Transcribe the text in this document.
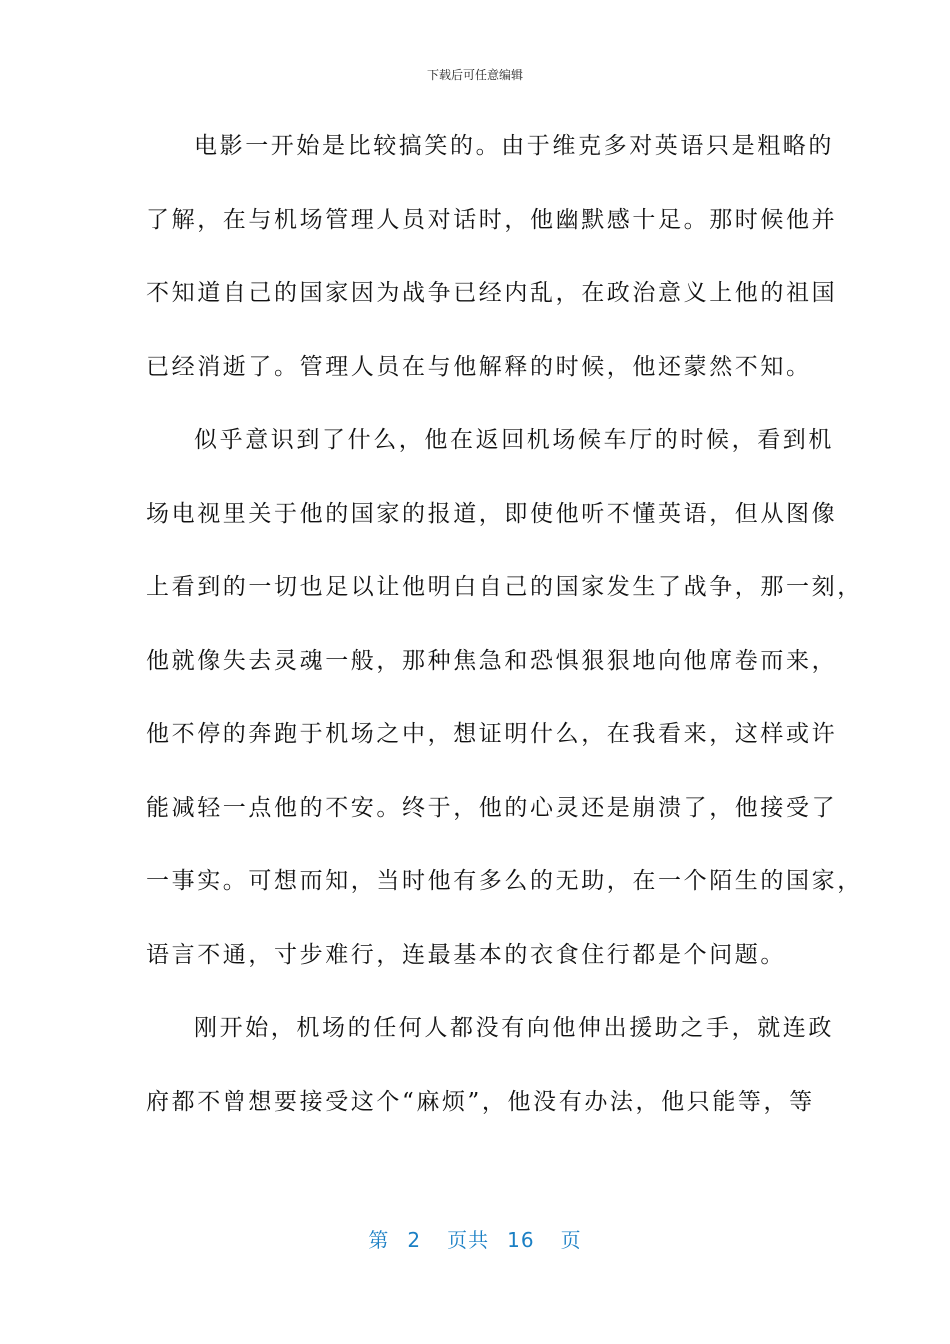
下载后可任意编辑
电影一开始是比较搞笑的。由于维克多对英语只是粗略的
了解，在与机场管理人员对话时，他幽默感十足。那时候他并
不知道自己的国家因为战争已经内乱，在政治意义上他的祖国
已经消逝了。管理人员在与他解释的时候，他还蒙然不知。
似乎意识到了什么，他在返回机场候车厅的时候，看到机
场电视里关于他的国家的报道，即使他听不懂英语，但从图像
上看到的一切也足以让他明白自己的国家发生了战争，那一刻，
他就像失去灵魂一般，那种焦急和恐惧狠狠地向他席卷而来，
他不停的奔跑于机场之中，想证明什么，在我看来，这样或许
能减轻一点他的不安。终于，他的心灵还是崩溃了，他接受了
一事实。可想而知，当时他有多么的无助，在一个陌生的国家，
语言不通，寸步难行，连最基本的衣食住行都是个问题。
刚开始，机场的任何人都没有向他伸出援助之手，就连政
府都不曾想要接受这个“麻烦”，他没有办法，他只能等，等
第 2 页共 16 页
